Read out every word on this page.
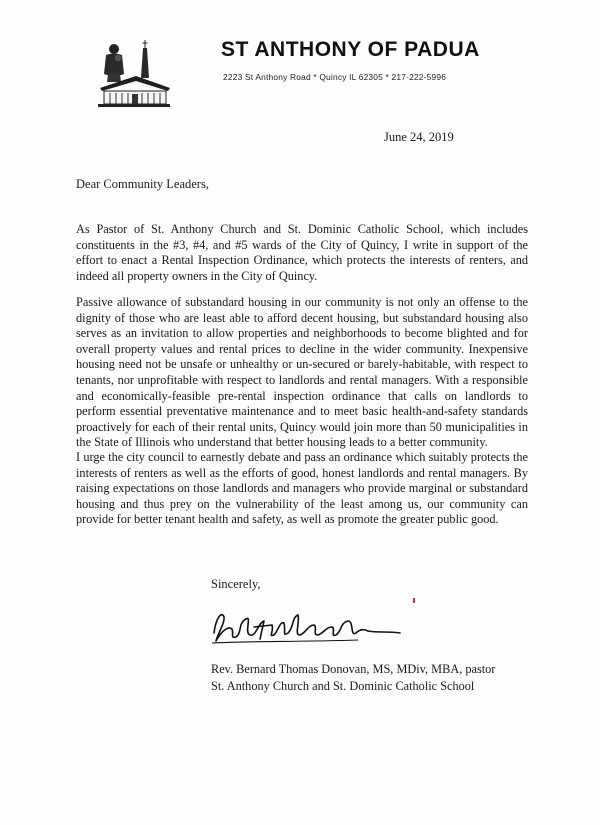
ST ANTHONY OF PADUA
2223 St Anthony Road * Quincy IL 62305 * 217-222-5996
June 24, 2019
Dear Community Leaders,
As Pastor of St. Anthony Church and St. Dominic Catholic School, which includes constituents in the #3, #4, and #5 wards of the City of Quincy, I write in support of the effort to enact a Rental Inspection Ordinance, which protects the interests of renters, and indeed all property owners in the City of Quincy.
Passive allowance of substandard housing in our community is not only an offense to the dignity of those who are least able to afford decent housing, but substandard housing also serves as an invitation to allow properties and neighborhoods to become blighted and for overall property values and rental prices to decline in the wider community. Inexpensive housing need not be unsafe or unhealthy or un-secured or barely-habitable, with respect to tenants, nor unprofitable with respect to landlords and rental managers. With a responsible and economically-feasible pre-rental inspection ordinance that calls on landlords to perform essential preventative maintenance and to meet basic health-and-safety standards proactively for each of their rental units, Quincy would join more than 50 municipalities in the State of Illinois who understand that better housing leads to a better community.
I urge the city council to earnestly debate and pass an ordinance which suitably protects the interests of renters as well as the efforts of good, honest landlords and rental managers. By raising expectations on those landlords and managers who provide marginal or substandard housing and thus prey on the vulnerability of the least among us, our community can provide for better tenant health and safety, as well as promote the greater public good.
Sincerely,
Rev. Bernard Thomas Donovan, MS, MDiv, MBA, pastor
St. Anthony Church and St. Dominic Catholic School
